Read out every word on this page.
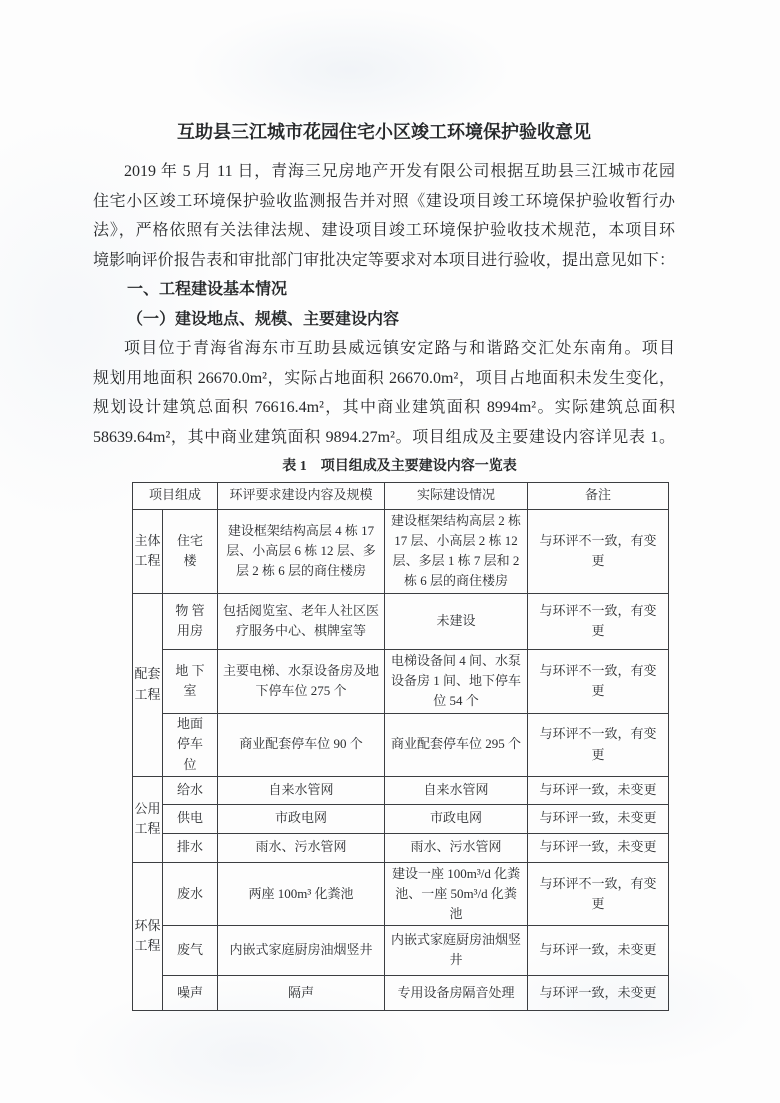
互助县三江城市花园住宅小区竣工环境保护验收意见
2019 年 5 月 11 日，青海三兄房地产开发有限公司根据互助县三江城市花园
住宅小区竣工环境保护验收监测报告并对照《建设项目竣工环境保护验收暂行办
法》，严格依照有关法律法规、建设项目竣工环境保护验收技术规范，本项目环
境影响评价报告表和审批部门审批决定等要求对本项目进行验收，提出意见如下：
一、工程建设基本情况
（一）建设地点、规模、主要建设内容
项目位于青海省海东市互助县威远镇安定路与和谐路交汇处东南角。项目
规划用地面积 26670.0m²，实际占地面积 26670.0m²，项目占地面积未发生变化，
规划设计建筑总面积 76616.4m²，其中商业建筑面积 8994m²。实际建筑总面积
58639.64m²，其中商业建筑面积 9894.27m²。项目组成及主要建设内容详见表 1。
表 1　项目组成及主要建设内容一览表
项目组成		环评要求建设内容及规模	实际建设情况	备注
主体工程	住宅楼	建设框架结构高层 4 栋 17 层、小高层 6 栋 12 层、多层 2 栋 6 层的商住楼房	建设框架结构高层 2 栋 17 层、小高层 2 栋 12 层、多层 1 栋 7 层和 2 栋 6 层的商住楼房	与环评不一致，有变更
配套工程	物 管用房	包括阅览室、老年人社区医疗服务中心、棋牌室等	未建设	与环评不一致，有变更
	地 下室	主要电梯、水泵设备房及地下停车位 275 个	电梯设备间 4 间、水泵设备房 1 间、地下停车位 54 个	与环评不一致，有变更
	地面停车位	商业配套停车位 90 个	商业配套停车位 295 个	与环评不一致，有变更
公用工程	给水	自来水管网	自来水管网	与环评一致，未变更
	供电	市政电网	市政电网	与环评一致，未变更
	排水	雨水、污水管网	雨水、污水管网	与环评一致，未变更
环保工程	废水	两座 100m³ 化粪池	建设一座 100m³/d 化粪池、一座 50m³/d 化粪池	与环评不一致，有变更
	废气	内嵌式家庭厨房油烟竖井	内嵌式家庭厨房油烟竖井	与环评一致，未变更
	噪声	隔声	专用设备房隔音处理	与环评一致，未变更
